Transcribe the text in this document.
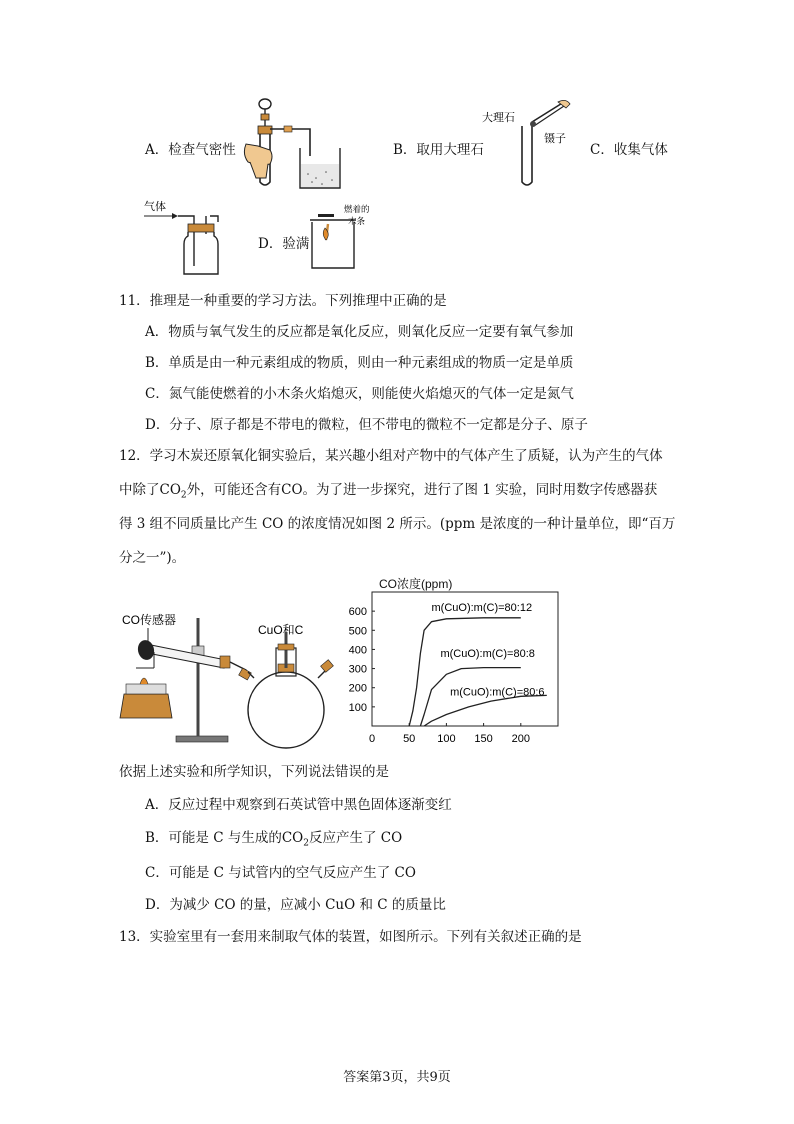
A．检查气密性	B．取用大理石
大理石
镊子
C．收集气体
气体
D．验满
燃着的
木条
11．推理是一种重要的学习方法。下列推理中正确的是
A．物质与氧气发生的反应都是氧化反应，则氧化反应一定要有氧气参加
B．单质是由一种元素组成的物质，则由一种元素组成的物质一定是单质
C．氮气能使燃着的小木条火焰熄灭，则能使火焰熄灭的气体一定是氮气
D．分子、原子都是不带电的微粒，但不带电的微粒不一定都是分子、原子
12．学习木炭还原氧化铜实验后，某兴趣小组对产物中的气体产生了质疑，认为产生的气体
中除了$CO_2$外，可能还含有CO。为了进一步探究，进行了图 1 实验，同时用数字传感器获
得 3 组不同质量比产生 CO 的浓度情况如图 2 所示。(ppm 是浓度的一种计量单位，即“百万
分之一”)。
CO传感器
CuO和C
CO浓度(ppm)
0	50 100 150 200
100
200
300
400
500
600	m(CuO):m(C)=80:12
m(CuO):m(C)=80:8
m(CuO):m(C)=80:6
依据上述实验和所学知识，下列说法错误的是
A．反应过程中观察到石英试管中黑色固体逐渐变红
B．可能是 C 与生成的$CO_2$反应产生了 CO
C．可能是 C 与试管内的空气反应产生了 CO
D．为减少 CO 的量，应减小 CuO 和 C 的质量比
13．实验室里有一套用来制取气体的装置，如图所示。下列有关叙述正确的是
答案第3页，共9页
